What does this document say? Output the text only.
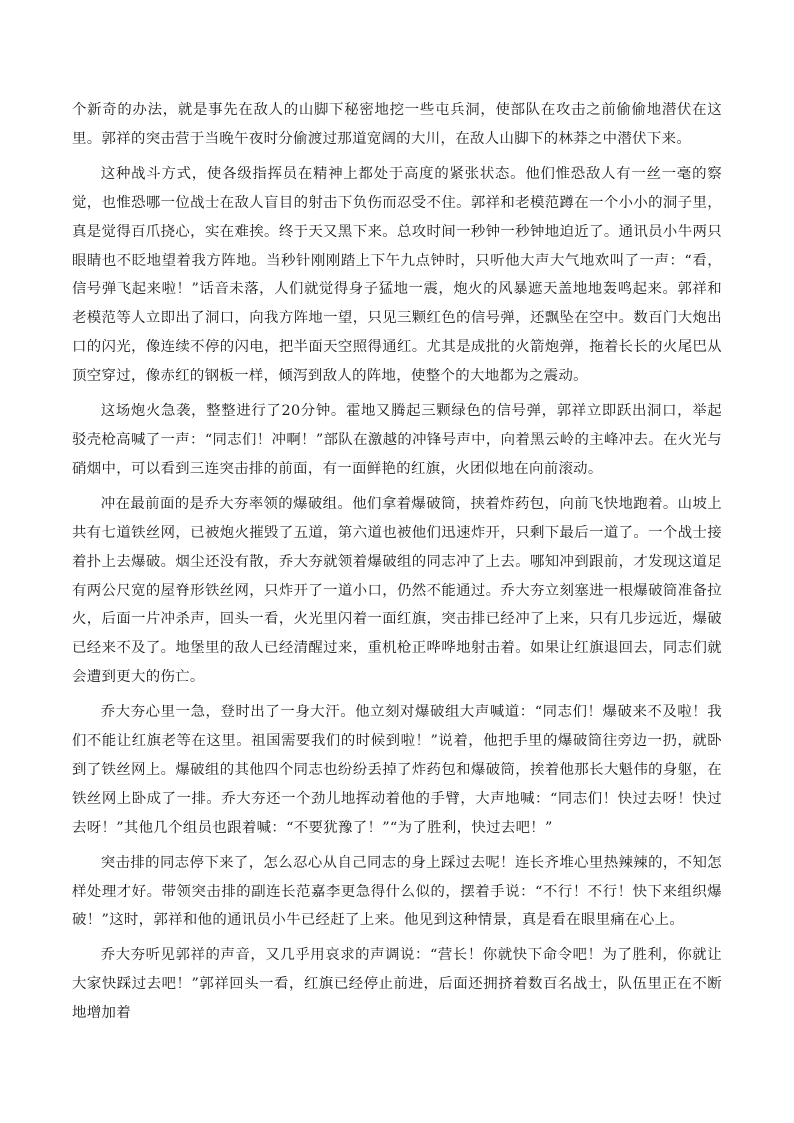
个新奇的办法，就是事先在敌人的山脚下秘密地挖一些屯兵洞，使部队在攻击之前偷偷地潜伏在这里。郭祥的突击营于当晚午夜时分偷渡过那道宽阔的大川，在敌人山脚下的林莽之中潜伏下来。

这种战斗方式，使各级指挥员在精神上都处于高度的紧张状态。他们惟恐敌人有一丝一毫的察觉，也惟恐哪一位战士在敌人盲目的射击下负伤而忍受不住。郭祥和老模范蹲在一个小小的洞子里，真是觉得百爪挠心，实在难挨。终于天又黑下来。总攻时间一秒钟一秒钟地迫近了。通讯员小牛两只眼睛也不眨地望着我方阵地。当秒针刚刚踏上下午九点钟时，只听他大声大气地欢叫了一声：“看，信号弹飞起来啦！”话音未落，人们就觉得身子猛地一震，炮火的风暴遮天盖地地轰鸣起来。郭祥和老模范等人立即出了洞口，向我方阵地一望，只见三颗红色的信号弹，还飘坠在空中。数百门大炮出口的闪光，像连续不停的闪电，把半面天空照得通红。尤其是成批的火箭炮弹，拖着长长的火尾巴从顶空穿过，像赤红的钢板一样，倾泻到敌人的阵地，使整个的大地都为之震动。

这场炮火急袭，整整进行了20分钟。霍地又腾起三颗绿色的信号弹，郭祥立即跃出洞口，举起驳壳枪高喊了一声：“同志们！冲啊！”部队在激越的冲锋号声中，向着黑云岭的主峰冲去。在火光与硝烟中，可以看到三连突击排的前面，有一面鲜艳的红旗，火团似地在向前滚动。

冲在最前面的是乔大夯率领的爆破组。他们拿着爆破筒，挟着炸药包，向前飞快地跑着。山坡上共有七道铁丝网，已被炮火摧毁了五道，第六道也被他们迅速炸开，只剩下最后一道了。一个战士接着扑上去爆破。烟尘还没有散，乔大夯就领着爆破组的同志冲了上去。哪知冲到跟前，才发现这道足有两公尺宽的屋脊形铁丝网，只炸开了一道小口，仍然不能通过。乔大夯立刻塞进一根爆破筒准备拉火，后面一片冲杀声，回头一看，火光里闪着一面红旗，突击排已经冲了上来，只有几步远近，爆破已经来不及了。地堡里的敌人已经清醒过来，重机枪正哗哗地射击着。如果让红旗退回去，同志们就会遭到更大的伤亡。

乔大夯心里一急，登时出了一身大汗。他立刻对爆破组大声喊道：“同志们！爆破来不及啦！我们不能让红旗老等在这里。祖国需要我们的时候到啦！”说着，他把手里的爆破筒往旁边一扔，就卧到了铁丝网上。爆破组的其他四个同志也纷纷丢掉了炸药包和爆破筒，挨着他那长大魁伟的身躯，在铁丝网上卧成了一排。乔大夯还一个劲儿地挥动着他的手臂，大声地喊：“同志们！快过去呀！快过去呀！”其他几个组员也跟着喊：“不要犹豫了！”“为了胜利，快过去吧！”

突击排的同志停下来了，怎么忍心从自己同志的身上踩过去呢！连长齐堆心里热辣辣的，不知怎样处理才好。带领突击排的副连长范嘉李更急得什么似的，摆着手说：“不行！不行！快下来组织爆破！”这时，郭祥和他的通讯员小牛已经赶了上来。他见到这种情景，真是看在眼里痛在心上。

乔大夯听见郭祥的声音，又几乎用哀求的声调说：“营长！你就快下命令吧！为了胜利，你就让大家快踩过去吧！”郭祥回头一看，红旗已经停止前进，后面还拥挤着数百名战士，队伍里正在不断地增加着
